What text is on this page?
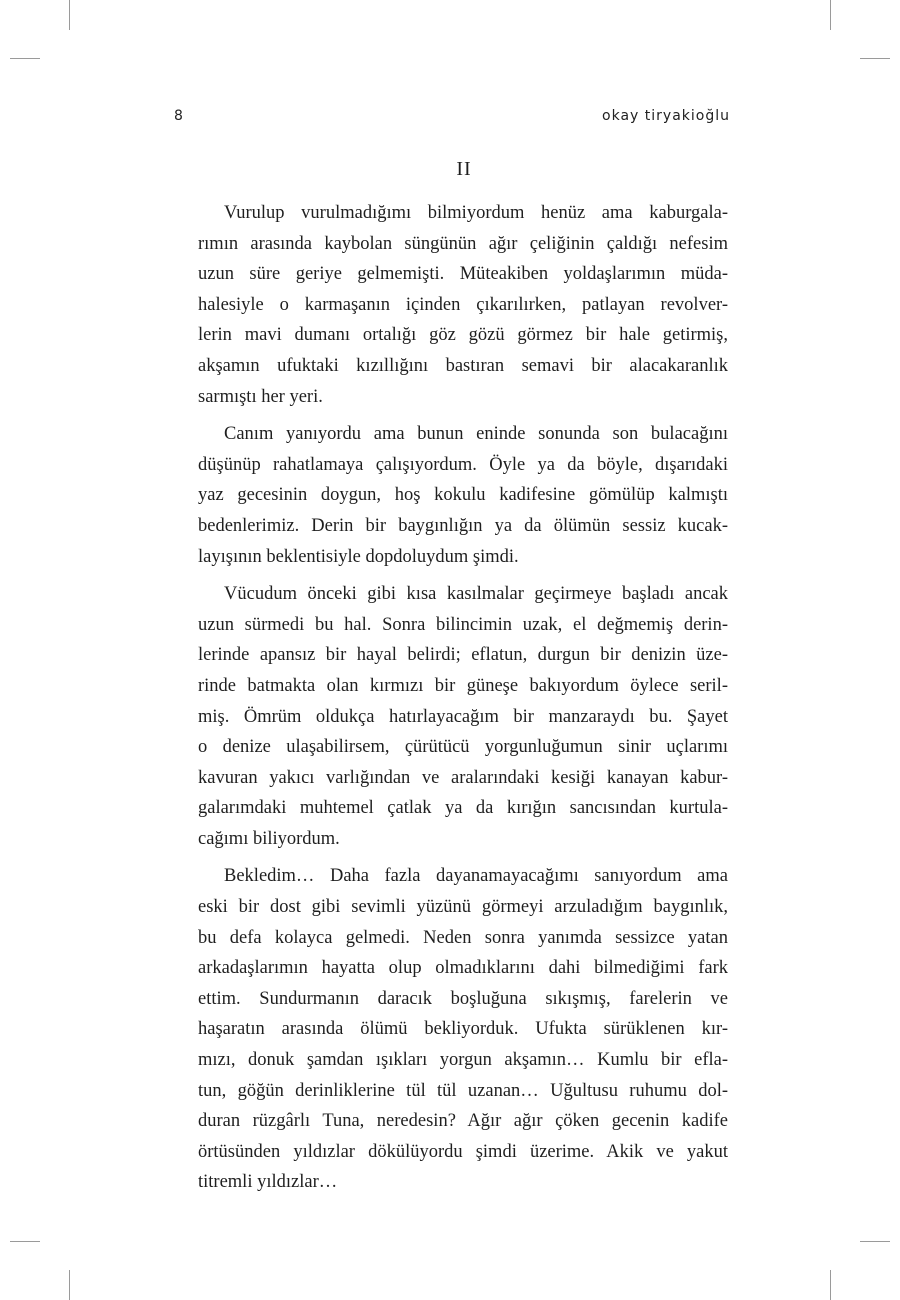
8	okay tiryakioğlu
II

Vurulup vurulmadığımı bilmiyordum henüz ama kaburgala-
rımın arasında kaybolan süngünün ağır çeliğinin çaldığı nefesim
uzun süre geriye gelmemişti. Müteakiben yoldaşlarımın müda-
halesiyle o karmaşanın içinden çıkarılırken, patlayan revolver-
lerin mavi dumanı ortalığı göz gözü görmez bir hale getirmiş,
akşamın ufuktaki kızıllığını bastıran semavi bir alacakaranlık
sarmıştı her yeri.

Canım yanıyordu ama bunun eninde sonunda son bulacağını
düşünüp rahatlamaya çalışıyordum. Öyle ya da böyle, dışarıdaki
yaz gecesinin doygun, hoş kokulu kadifesine gömülüp kalmıştı
bedenlerimiz. Derin bir baygınlığın ya da ölümün sessiz kucak-
layışının beklentisiyle dopdoluydum şimdi.

Vücudum önceki gibi kısa kasılmalar geçirmeye başladı ancak
uzun sürmedi bu hal. Sonra bilincimin uzak, el değmemiş derin-
lerinde apansız bir hayal belirdi; eflatun, durgun bir denizin üze-
rinde batmakta olan kırmızı bir güneşe bakıyordum öylece seril-
miş. Ömrüm oldukça hatırlayacağım bir manzaraydı bu. Şayet
o denize ulaşabilirsem, çürütücü yorgunluğumun sinir uçlarımı
kavuran yakıcı varlığından ve aralarındaki kesiği kanayan kabur-
galarımdaki muhtemel çatlak ya da kırığın sancısından kurtula-
cağımı biliyordum.

Bekledim… Daha fazla dayanamayacağımı sanıyordum ama
eski bir dost gibi sevimli yüzünü görmeyi arzuladığım baygınlık,
bu defa kolayca gelmedi. Neden sonra yanımda sessizce yatan
arkadaşlarımın hayatta olup olmadıklarını dahi bilmediğimi fark
ettim. Sundurmanın daracık boşluğuna sıkışmış, farelerin ve
haşaratın arasında ölümü bekliyorduk. Ufukta sürüklenen kır-
mızı, donuk şamdan ışıkları yorgun akşamın… Kumlu bir efla-
tun, göğün derinliklerine tül tül uzanan… Uğultusu ruhumu dol-
duran rüzgârlı Tuna, neredesin? Ağır ağır çöken gecenin kadife
örtüsünden yıldızlar dökülüyordu şimdi üzerime. Akik ve yakut
titremli yıldızlar…
